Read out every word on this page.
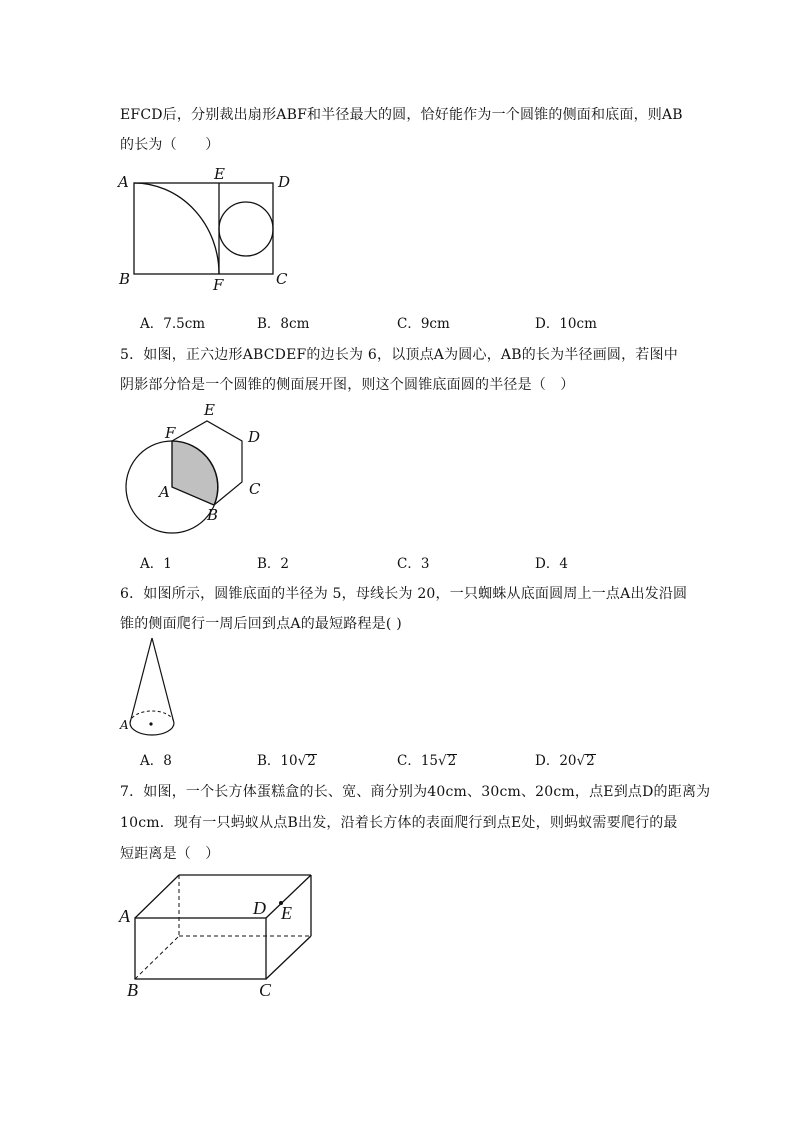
EFCD后，分别裁出扇形ABF和半径最大的圆，恰好能作为一个圆锥的侧面和底面，则AB
的长为（　　）
A	E	D
B	F	C
A．7.5cm	B．8cm	C．9cm	D．10cm
5．如图，正六边形ABCDEF的边长为 6，以顶点A为圆心，AB的长为半径画圆，若图中
阴影部分恰是一个圆锥的侧面展开图，则这个圆锥底面圆的半径是（　）
E
F	D
A	C
B
A．1	B．2	C．3	D．4
6．如图所示，圆锥底面的半径为 5，母线长为 20，一只蜘蛛从底面圆周上一点A出发沿圆
锥的侧面爬行一周后回到点A的最短路程是( )
A
A．8	B．10√2	C．15√2	D．20√2
7．如图，一个长方体蛋糕盒的长、宽、商分别为40cm、30cm、20cm，点E到点D的距离为
10cm．现有一只蚂蚁从点B出发，沿着长方体的表面爬行到点E处，则蚂蚁需要爬行的最
短距离是（　）
A	D E
B	C
